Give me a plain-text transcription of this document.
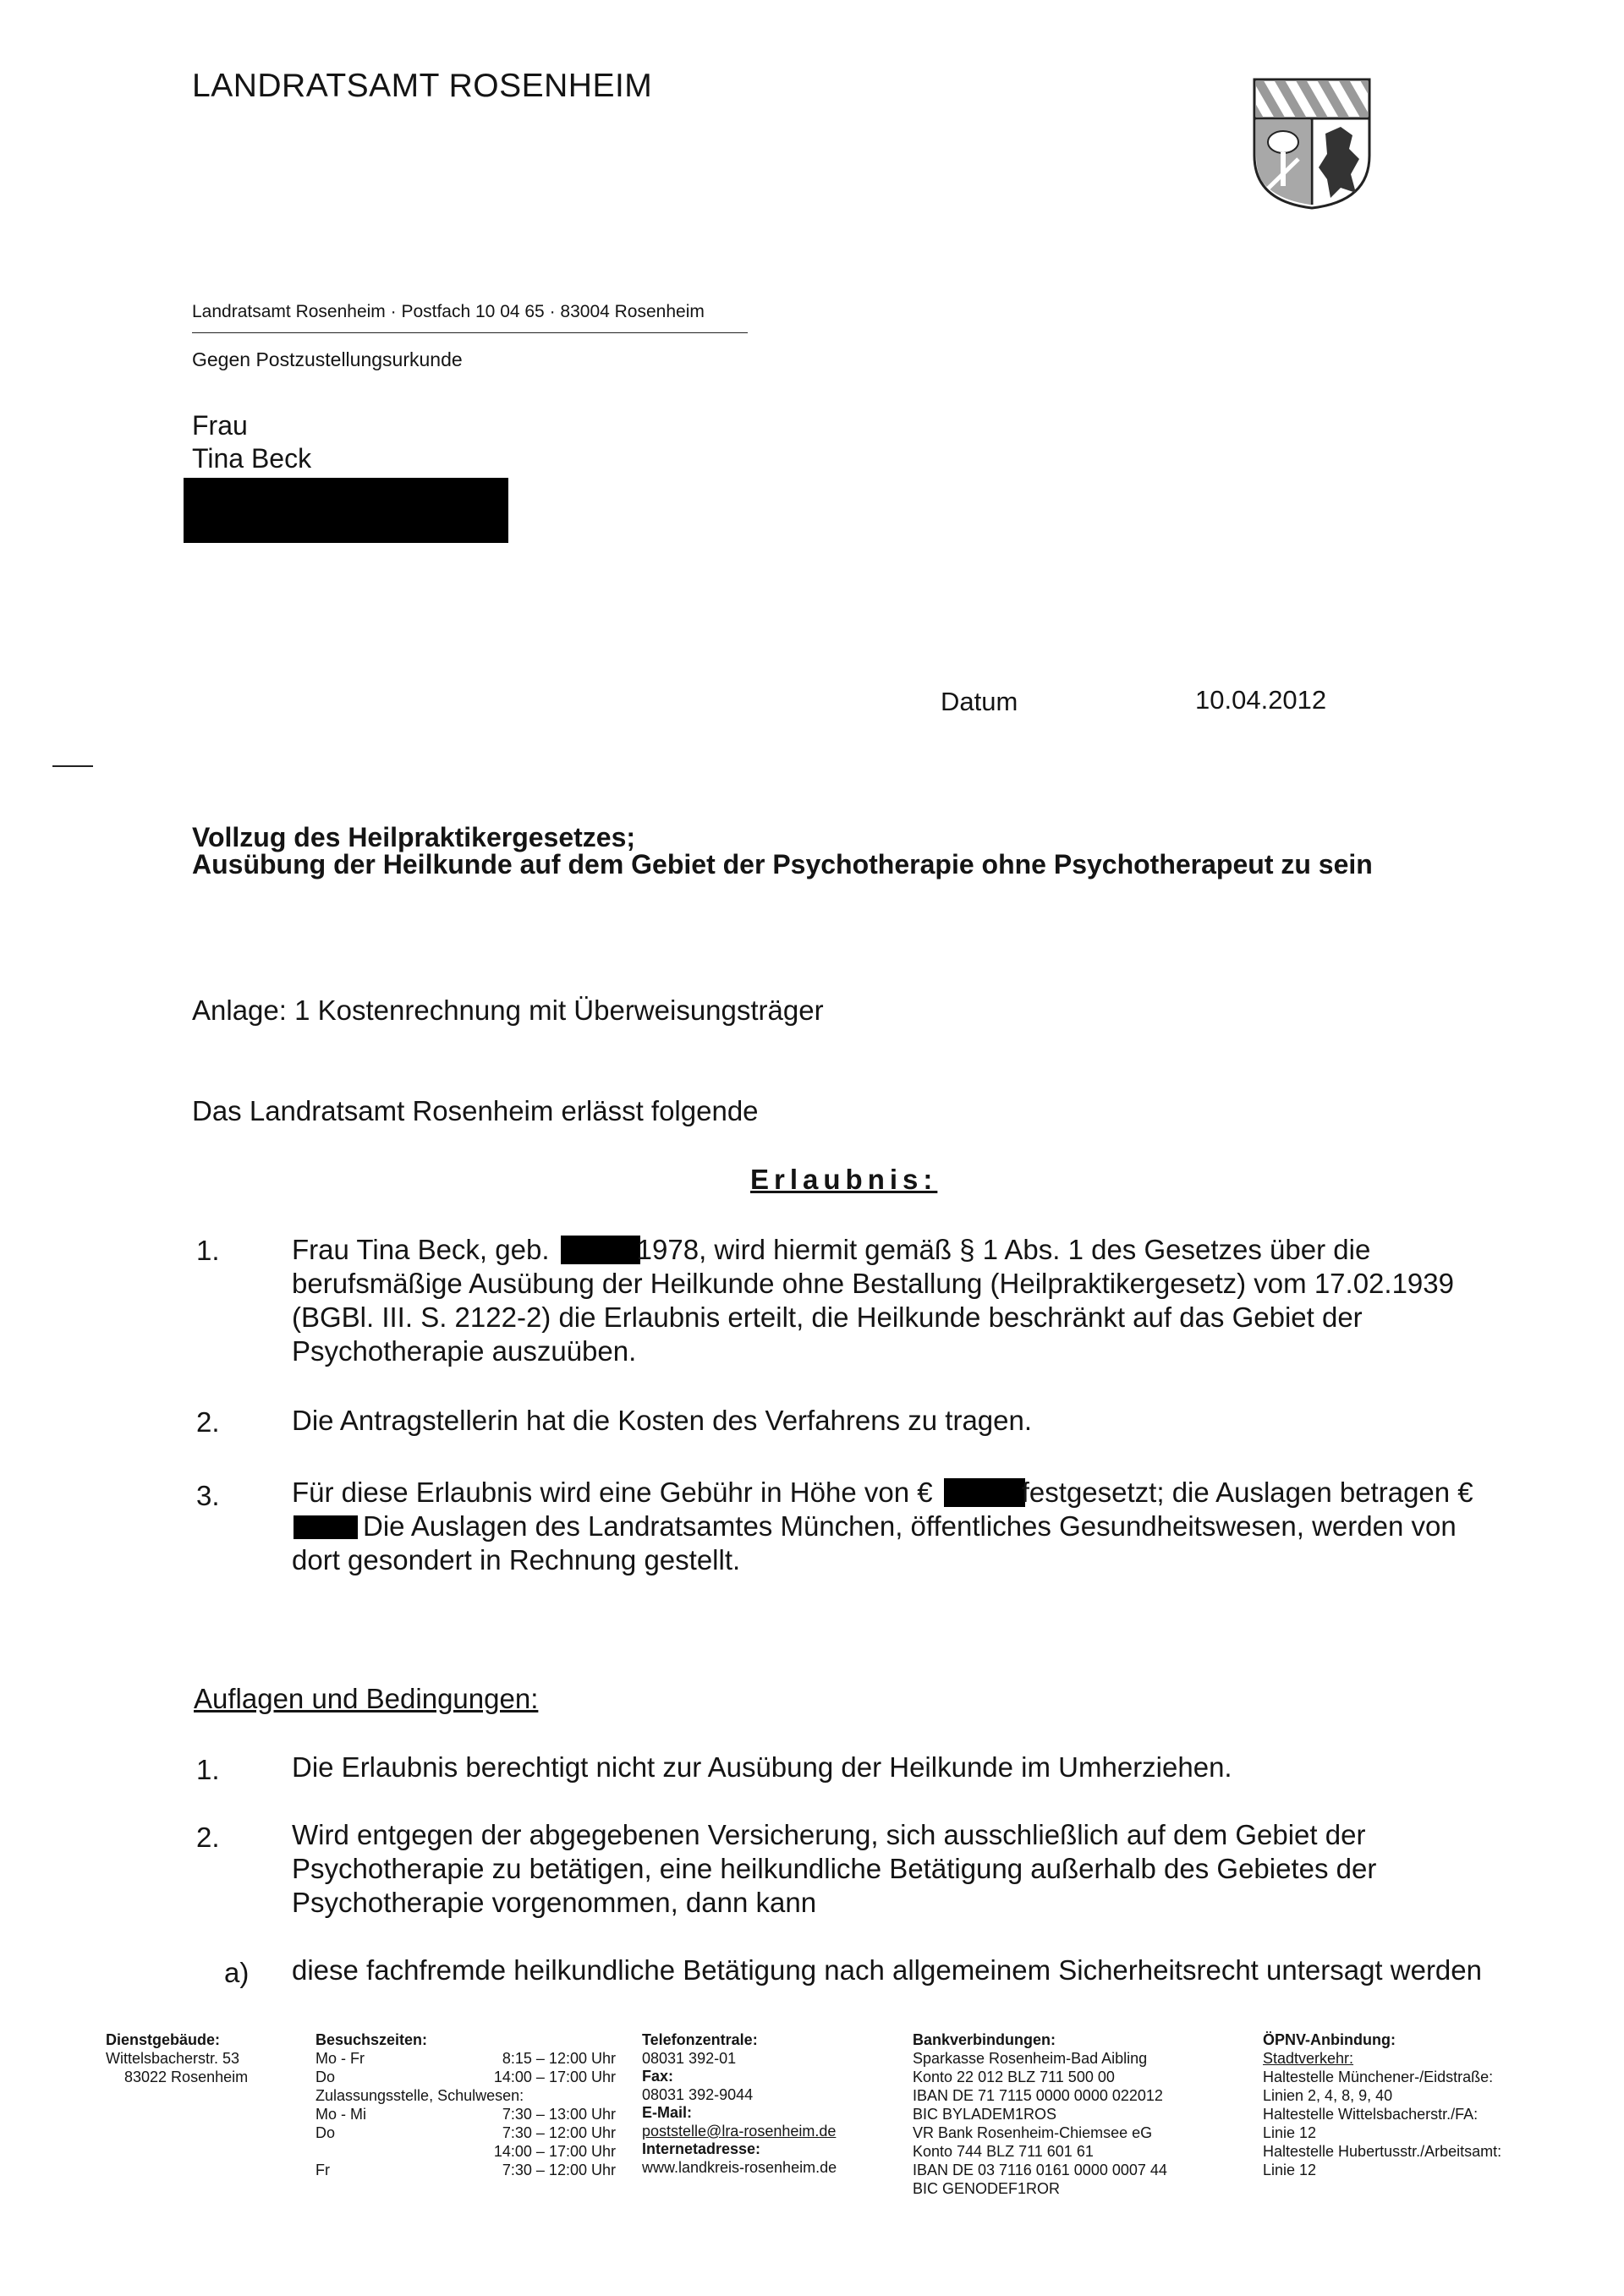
LANDRATSAMT ROSENHEIM
Landratsamt Rosenheim · Postfach 10 04 65 · 83004 Rosenheim
Gegen Postzustellungsurkunde
Frau
Tina Beck
Datum	10.04.2012
Vollzug des Heilpraktikergesetzes;
Ausübung der Heilkunde auf dem Gebiet der Psychotherapie ohne Psychotherapeut zu sein
Anlage: 1 Kostenrechnung mit Überweisungsträger
Das Landratsamt Rosenheim erlässt folgende
Erlaubnis:
1.	Frau Tina Beck, geb.	1978, wird hiermit gemäß § 1 Abs. 1 des Gesetzes über die berufsmäßige Ausübung der Heilkunde ohne Bestallung (Heilpraktikergesetz) vom 17.02.1939 (BGBl. III. S. 2122-2) die Erlaubnis erteilt, die Heilkunde beschränkt auf das Gebiet der Psychotherapie auszuüben.
2.	Die Antragstellerin hat die Kosten des Verfahrens zu tragen.
3.	Für diese Erlaubnis wird eine Gebühr in Höhe von €	festgesetzt; die Auslagen betragen € Die Auslagen des Landratsamtes München, öffentliches Gesundheitswesen, werden von dort gesondert in Rechnung gestellt.
Auflagen und Bedingungen:
1.	Die Erlaubnis berechtigt nicht zur Ausübung der Heilkunde im Umherziehen.
2.	Wird entgegen der abgegebenen Versicherung, sich ausschließlich auf dem Gebiet der Psychotherapie zu betätigen, eine heilkundliche Betätigung außerhalb des Gebietes der Psychotherapie vorgenommen, dann kann
a) diese fachfremde heilkundliche Betätigung nach allgemeinem Sicherheitsrecht untersagt werden
Dienstgebäude:
Wittelsbacherstr. 53
83022 Rosenheim
Besuchszeiten:
Mo - Fr	8:15 – 12:00 Uhr
Do	14:00 – 17:00 Uhr
Zulassungsstelle, Schulwesen:
Mo - Mi	7:30 – 13:00 Uhr
Do	7:30 – 12:00 Uhr
14:00 – 17:00 Uhr
Fr	7:30 – 12:00 Uhr
Telefonzentrale:
08031 392-01
Fax:
08031 392-9044
E-Mail:
poststelle@lra-rosenheim.de
Internetadresse:
www.landkreis-rosenheim.de
Bankverbindungen:
Sparkasse Rosenheim-Bad Aibling
Konto 22 012 BLZ 711 500 00
IBAN DE 71 7115 0000 0000 022012
BIC BYLADEM1ROS
VR Bank Rosenheim-Chiemsee eG
Konto 744 BLZ 711 601 61
IBAN DE 03 7116 0161 0000 0007 44
BIC GENODEF1ROR
ÖPNV-Anbindung:
Stadtverkehr:
Haltestelle Münchener-/Eidstraße:
Linien 2, 4, 8, 9, 40
Haltestelle Wittelsbacherstr./FA:
Linie 12
Haltestelle Hubertusstr./Arbeitsamt:
Linie 12
